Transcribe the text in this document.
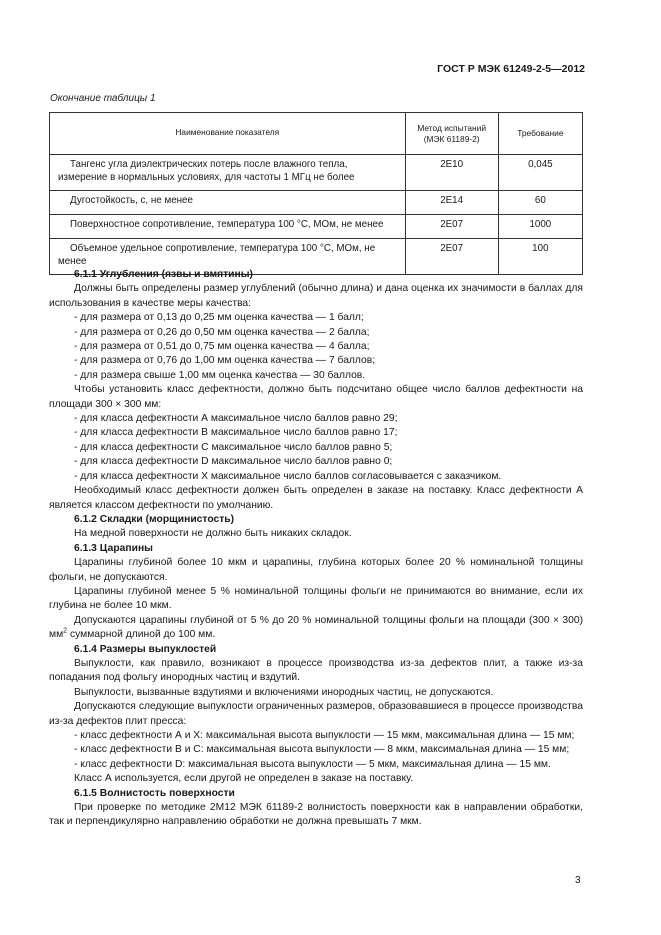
ГОСТ Р МЭК 61249-2-5—2012
Окончание таблицы 1
Наименование показателя	Метод испытаний (МЭК 61189-2)	Требование
Тангенс угла диэлектрических потерь после влажного тепла, измерение в нормальных условиях, для частоты 1 МГц не более	2E10	0,045
Дугостойкость, с, не менее	2E14	60
Поверхностное сопротивление, температура 100 °С, МОм, не менее	2E07	1000
Объемное удельное сопротивление, температура 100 °С, МОм, не менее	2E07	100

6.1.1 Углубления (язвы и вмятины)

Должны быть определены размер углублений (обычно длина) и дана оценка их значимости в баллах для использования в качестве меры качества:

- для размера от 0,13 до 0,25 мм оценка качества — 1 балл;

- для размера от 0,26 до 0,50 мм оценка качества — 2 балла;

- для размера от 0,51 до 0,75 мм оценка качества — 4 балла;

- для размера от 0,76 до 1,00 мм оценка качества — 7 баллов;

- для размера свыше 1,00 мм оценка качества — 30 баллов.

Чтобы установить класс дефектности, должно быть подсчитано общее число баллов дефектности на площади 300 × 300 мм:

- для класса дефектности А максимальное число баллов равно 29;

- для класса дефектности В максимальное число баллов равно 17;

- для класса дефектности С максимальное число баллов равно 5;

- для класса дефектности D максимальное число баллов равно 0;

- для класса дефектности Х максимальное число баллов согласовывается с заказчиком.

Необходимый класс дефектности должен быть определен в заказе на поставку. Класс дефектности А является классом дефектности по умолчанию.

6.1.2 Складки (морщинистость)

На медной поверхности не должно быть никаких складок.

6.1.3 Царапины

Царапины глубиной более 10 мкм и царапины, глубина которых более 20 % номинальной толщины фольги, не допускаются.

Царапины глубиной менее 5 % номинальной толщины фольги не принимаются во внимание, если их глубина не более 10 мкм.

Допускаются царапины глубиной от 5 % до 20 % номинальной толщины фольги на площади (300 × 300) $мм^2$ суммарной длиной до 100 мм.

6.1.4 Размеры выпуклостей

Выпуклости, как правило, возникают в процессе производства из-за дефектов плит, а также из-за попадания под фольгу инородных частиц и вздутий.

Выпуклости, вызванные вздутиями и включениями инородных частиц, не допускаются.

Допускаются следующие выпуклости ограниченных размеров, образовавшиеся в процессе производства из-за дефектов плит пресса:

- класс дефектности А и Х: максимальная высота выпуклости — 15 мкм, максимальная длина — 15 мм;

- класс дефектности В и С: максимальная высота выпуклости — 8 мкм, максимальная длина — 15 мм;

- класс дефектности D: максимальная высота выпуклости — 5 мкм, максимальная длина — 15 мм.

Класс А используется, если другой не определен в заказе на поставку.

6.1.5 Волнистость поверхности

При проверке по методике 2М12 МЭК 61189-2 волнистость поверхности как в направлении обработки, так и перпендикулярно направлению обработки не должна превышать 7 мкм.

3
